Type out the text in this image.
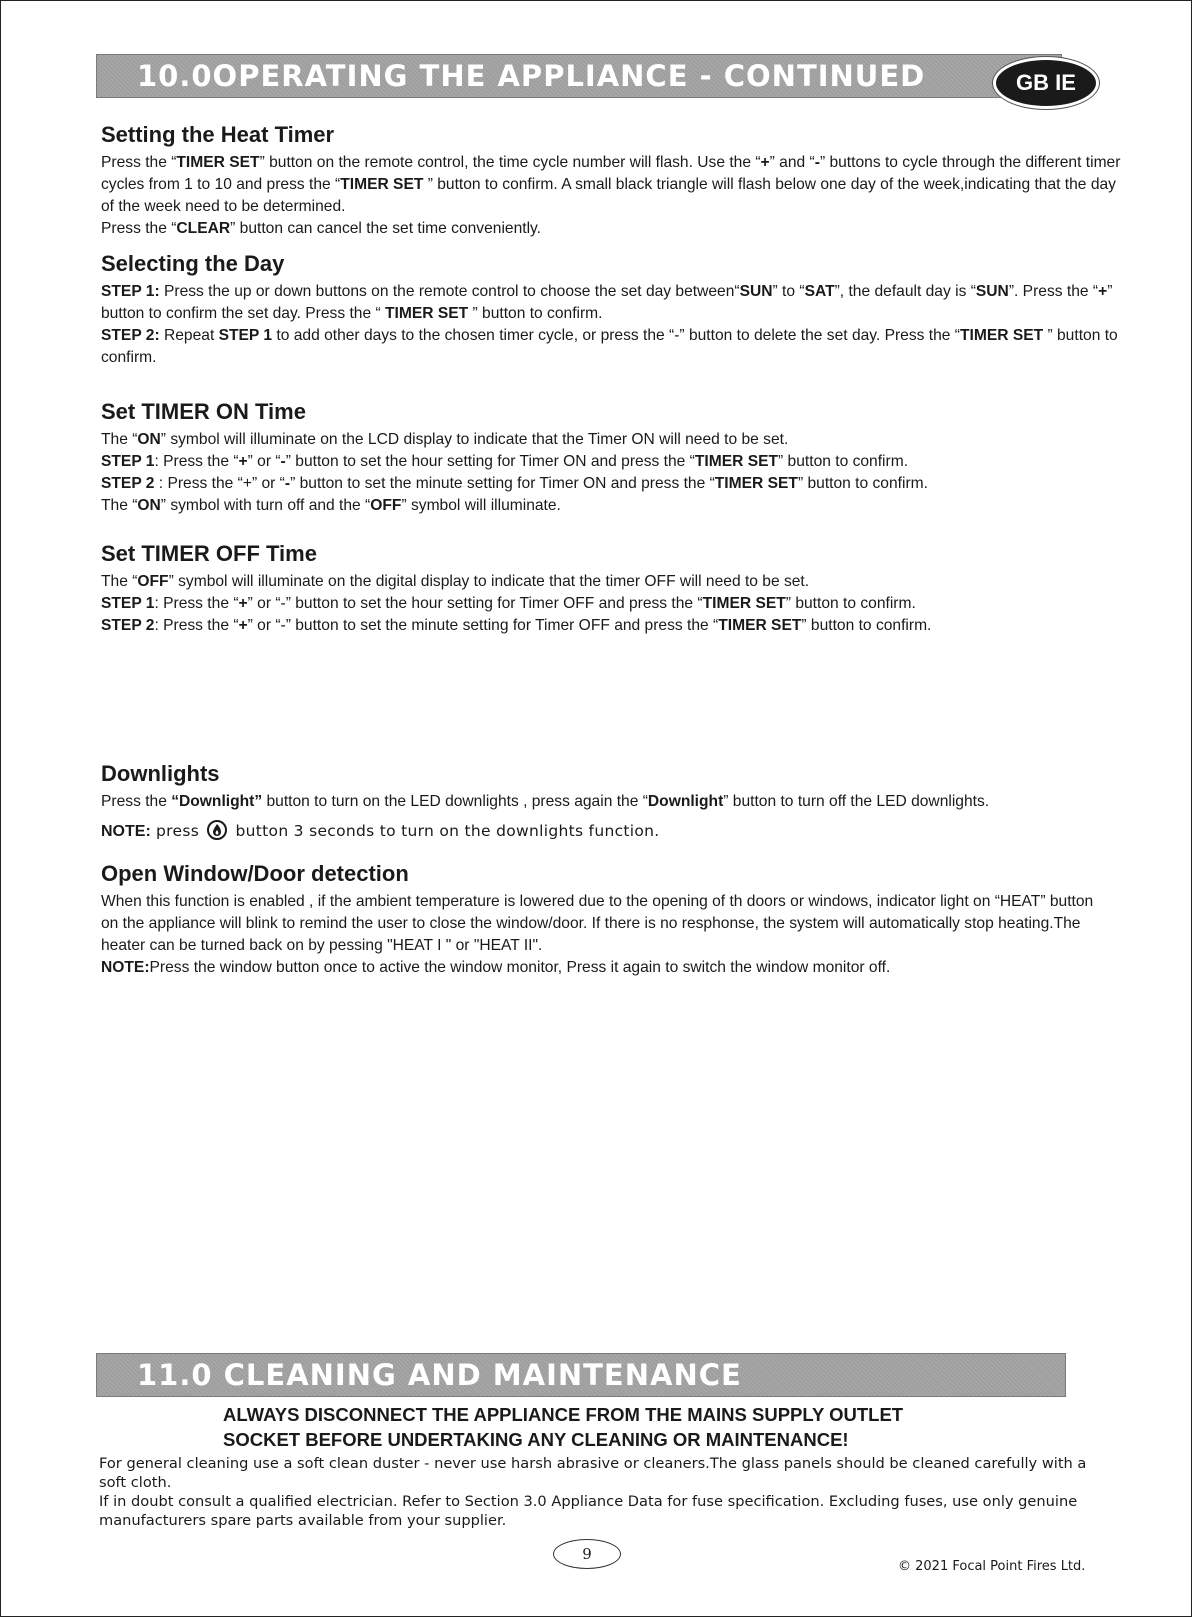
10.0OPERATING THE APPLIANCE - CONTINUED	GB IE
Setting the Heat Timer

Press the “TIMER SET” button on the remote control, the time cycle number will flash. Use the “+” and “-” buttons to cycle through the different timer cycles from 1 to 10 and press the “TIMER SET ” button to confirm. A small black triangle will flash below one day of the week,indicating that the day of the week need to be determined.

Press the “CLEAR” button can cancel the set time conveniently.

Selecting the Day

STEP 1: Press the up or down buttons on the remote control to choose the set day between“SUN” to “SAT”, the default day is “SUN”. Press the “+” button to confirm the set day. Press the “ TIMER SET ” button to confirm.

STEP 2: Repeat STEP 1 to add other days to the chosen timer cycle, or press the “-” button to delete the set day. Press the “TIMER SET ” button to confirm.

Set TIMER ON Time

The “ON” symbol will illuminate on the LCD display to indicate that the Timer ON will need to be set.

STEP 1: Press the “+” or “-” button to set the hour setting for Timer ON and press the “TIMER SET” button to confirm.

STEP 2 : Press the “+” or “-” button to set the minute setting for Timer ON and press the “TIMER SET” button to confirm.

The “ON” symbol with turn off and the “OFF” symbol will illuminate.

Set TIMER OFF Time

The “OFF” symbol will illuminate on the digital display to indicate that the timer OFF will need to be set.

STEP 1: Press the “+” or “-” button to set the hour setting for Timer OFF and press the “TIMER SET” button to confirm.

STEP 2: Press the “+” or “-” button to set the minute setting for Timer OFF and press the “TIMER SET” button to confirm.

Downlights

Press the “Downlight” button to turn on the LED downlights , press again the “Downlight” button to turn off the LED downlights.

NOTE: press
button 3 seconds to turn on the downlights function.

Open Window/Door detection

When this function is enabled , if the ambient temperature is lowered due to the opening of th doors or windows, indicator light on “HEAT” button on the appliance will blink to remind the user to close the window/door. If there is no resphonse, the system will automatically stop heating.The heater can be turned back on by pessing "HEAT I " or "HEAT II".

NOTE:Press the window button once to active the window monitor, Press it again to switch the window monitor off.

11.0 CLEANING AND MAINTENANCE
ALWAYS DISCONNECT THE APPLIANCE FROM THE MAINS SUPPLY OUTLET
SOCKET BEFORE UNDERTAKING ANY CLEANING OR MAINTENANCE!
For general cleaning use a soft clean duster - never use harsh abrasive or cleaners.The glass panels should be cleaned carefully with a soft cloth.
If in doubt consult a qualified electrician. Refer to Section 3.0 Appliance Data for fuse specification. Excluding fuses, use only genuine manufacturers spare parts available from your supplier.
9
© 2021 Focal Point Fires Ltd.
